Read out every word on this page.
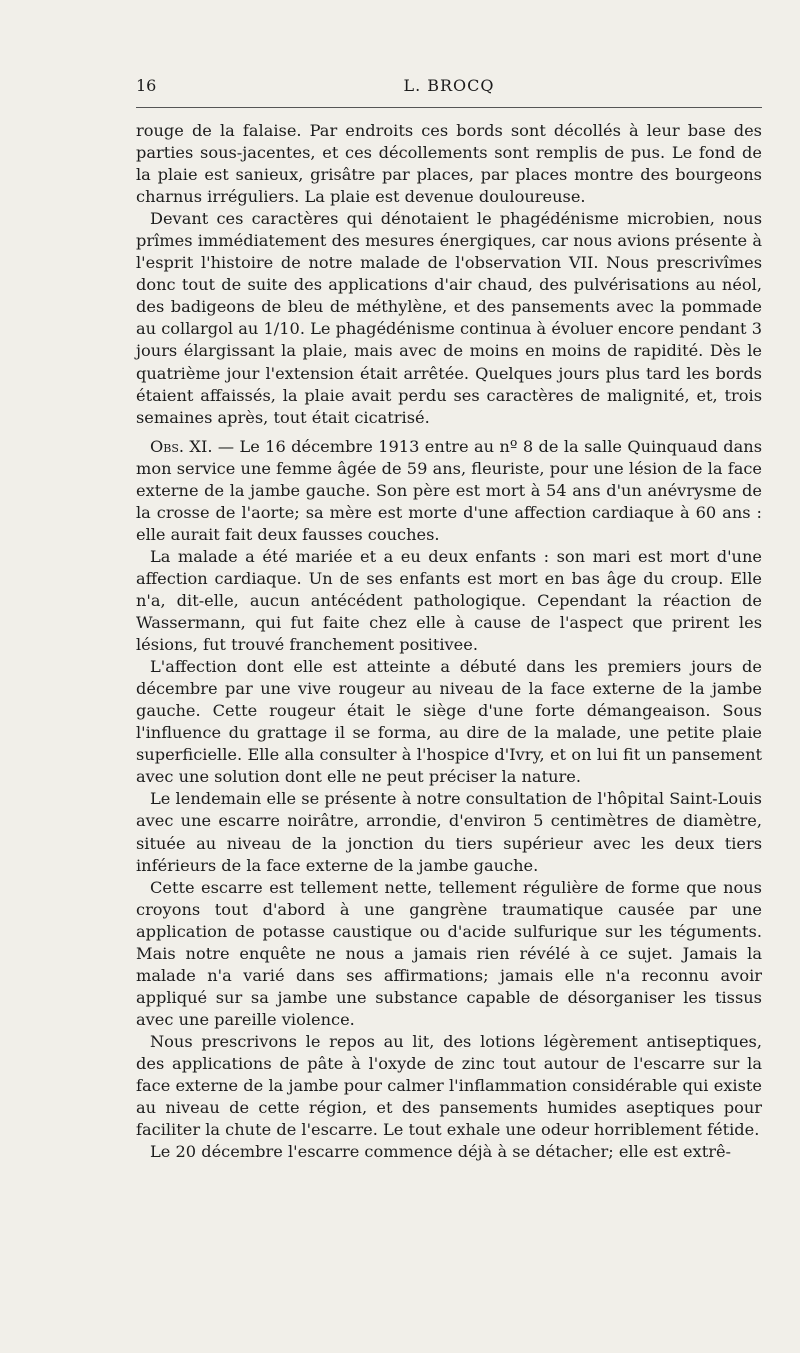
16	L. BROCQ

rouge de la falaise. Par endroits ces bords sont décollés à leur base des parties sous-jacentes, et ces décollements sont remplis de pus. Le fond de la plaie est sanieux, grisâtre par places, par places montre des bourgeons charnus irréguliers. La plaie est devenue douloureuse.

Devant ces caractères qui dénotaient le phagédénisme microbien, nous prîmes immédiatement des mesures énergiques, car nous avions présente à l'esprit l'histoire de notre malade de l'observation VII. Nous prescrivîmes donc tout de suite des applications d'air chaud, des pulvérisations au néol, des badigeons de bleu de méthylène, et des pansements avec la pommade au collargol au 1/10. Le phagédénisme continua à évoluer encore pendant 3 jours élargissant la plaie, mais avec de moins en moins de rapidité. Dès le quatrième jour l'extension était arrêtée. Quelques jours plus tard les bords étaient affaissés, la plaie avait perdu ses caractères de malignité, et, trois semaines après, tout était cicatrisé.

Obs. XI. — Le 16 décembre 1913 entre au nº 8 de la salle Quinquaud dans mon service une femme âgée de 59 ans, fleuriste, pour une lésion de la face externe de la jambe gauche. Son père est mort à 54 ans d'un anévrysme de la crosse de l'aorte; sa mère est morte d'une affection cardiaque à 60 ans : elle aurait fait deux fausses couches.

La malade a été mariée et a eu deux enfants : son mari est mort d'une affection cardiaque. Un de ses enfants est mort en bas âge du croup. Elle n'a, dit-elle, aucun antécédent pathologique. Cependant la réaction de Wassermann, qui fut faite chez elle à cause de l'aspect que prirent les lésions, fut trouvé franchement positivee.

L'affection dont elle est atteinte a débuté dans les premiers jours de décembre par une vive rougeur au niveau de la face externe de la jambe gauche. Cette rougeur était le siège d'une forte démangeaison. Sous l'influence du grattage il se forma, au dire de la malade, une petite plaie superficielle. Elle alla consulter à l'hospice d'Ivry, et on lui fit un pansement avec une solution dont elle ne peut préciser la nature.

Le lendemain elle se présente à notre consultation de l'hôpital Saint-Louis avec une escarre noirâtre, arrondie, d'environ 5 centimètres de diamètre, située au niveau de la jonction du tiers supérieur avec les deux tiers inférieurs de la face externe de la jambe gauche.

Cette escarre est tellement nette, tellement régulière de forme que nous croyons tout d'abord à une gangrène traumatique causée par une application de potasse caustique ou d'acide sulfurique sur les téguments. Mais notre enquête ne nous a jamais rien révélé à ce sujet. Jamais la malade n'a varié dans ses affirmations; jamais elle n'a reconnu avoir appliqué sur sa jambe une substance capable de désorganiser les tissus avec une pareille violence.

Nous prescrivons le repos au lit, des lotions légèrement antiseptiques, des applications de pâte à l'oxyde de zinc tout autour de l'escarre sur la face externe de la jambe pour calmer l'inflammation considérable qui existe au niveau de cette région, et des pansements humides aseptiques pour faciliter la chute de l'escarre. Le tout exhale une odeur horriblement fétide.

Le 20 décembre l'escarre commence déjà à se détacher; elle est extrê-
